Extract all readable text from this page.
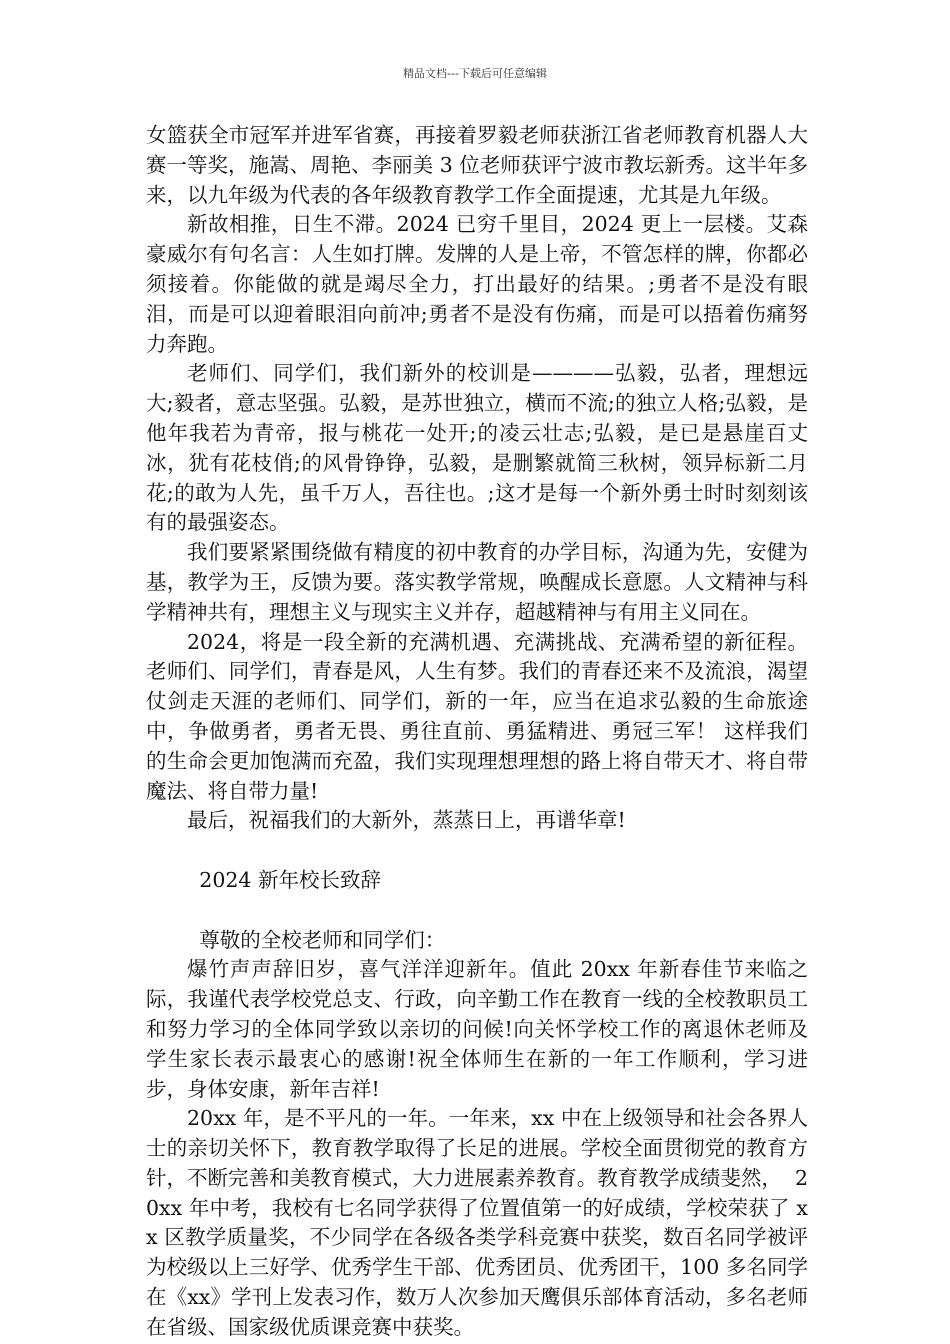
精品文档---下载后可任意编辑

女篮获全市冠军并进军省赛，再接着罗毅老师获浙江省老师教育机器人大赛一等奖，施嵩、周艳、李丽美 3 位老师获评宁波市教坛新秀。这半年多来，以九年级为代表的各年级教育教学工作全面提速，尤其是九年级。

新故相推，日生不滞。2024 已穷千里目，2024 更上一层楼。艾森豪威尔有句名言：人生如打牌。发牌的人是上帝，不管怎样的牌，你都必须接着。你能做的就是竭尽全力，打出最好的结果。;勇者不是没有眼泪，而是可以迎着眼泪向前冲;勇者不是没有伤痛，而是可以捂着伤痛努力奔跑。

老师们、同学们，我们新外的校训是————弘毅，弘者，理想远大;毅者，意志坚强。弘毅，是苏世独立，横而不流;的独立人格;弘毅，是他年我若为青帝，报与桃花一处开;的凌云壮志;弘毅，是已是悬崖百丈冰，犹有花枝俏;的风骨铮铮，弘毅，是删繁就简三秋树，领异标新二月花;的敢为人先，虽千万人，吾往也。;这才是每一个新外勇士时时刻刻该有的最强姿态。

我们要紧紧围绕做有精度的初中教育的办学目标，沟通为先，安健为基，教学为王，反馈为要。落实教学常规，唤醒成长意愿。人文精神与科学精神共有，理想主义与现实主义并存，超越精神与有用主义同在。

2024，将是一段全新的充满机遇、充满挑战、充满希望的新征程。老师们、同学们，青春是风，人生有梦。我们的青春还来不及流浪，渴望仗剑走天涯的老师们、同学们，新的一年，应当在追求弘毅的生命旅途中，争做勇者，勇者无畏、勇往直前、勇猛精进、勇冠三军！ 这样我们的生命会更加饱满而充盈，我们实现理想理想的路上将自带天才、将自带魔法、将自带力量!

最后，祝福我们的大新外，蒸蒸日上，再谱华章!

2024 新年校长致辞

尊敬的全校老师和同学们：

爆竹声声辞旧岁，喜气洋洋迎新年。值此 20xx 年新春佳节来临之际，我谨代表学校党总支、行政，向辛勤工作在教育一线的全校教职员工和努力学习的全体同学致以亲切的问候!向关怀学校工作的离退休老师及学生家长表示最衷心的感谢!祝全体师生在新的一年工作顺利，学习进步，身体安康，新年吉祥!

20xx 年，是不平凡的一年。一年来，xx 中在上级领导和社会各界人士的亲切关怀下，教育教学取得了长足的进展。学校全面贯彻党的教育方针，不断完善和美教育模式，大力进展素养教育。教育教学成绩斐然，  20xx 年中考，我校有七名同学获得了位置值第一的好成绩，学校荣获了 xx 区教学质量奖，不少同学在各级各类学科竞赛中获奖，数百名同学被评为校级以上三好学、优秀学生干部、优秀团员、优秀团干，100 多名同学在《xx》学刊上发表习作，数万人次参加天鹰俱乐部体育活动，多名老师在省级、国家级优质课竞赛中获奖。
